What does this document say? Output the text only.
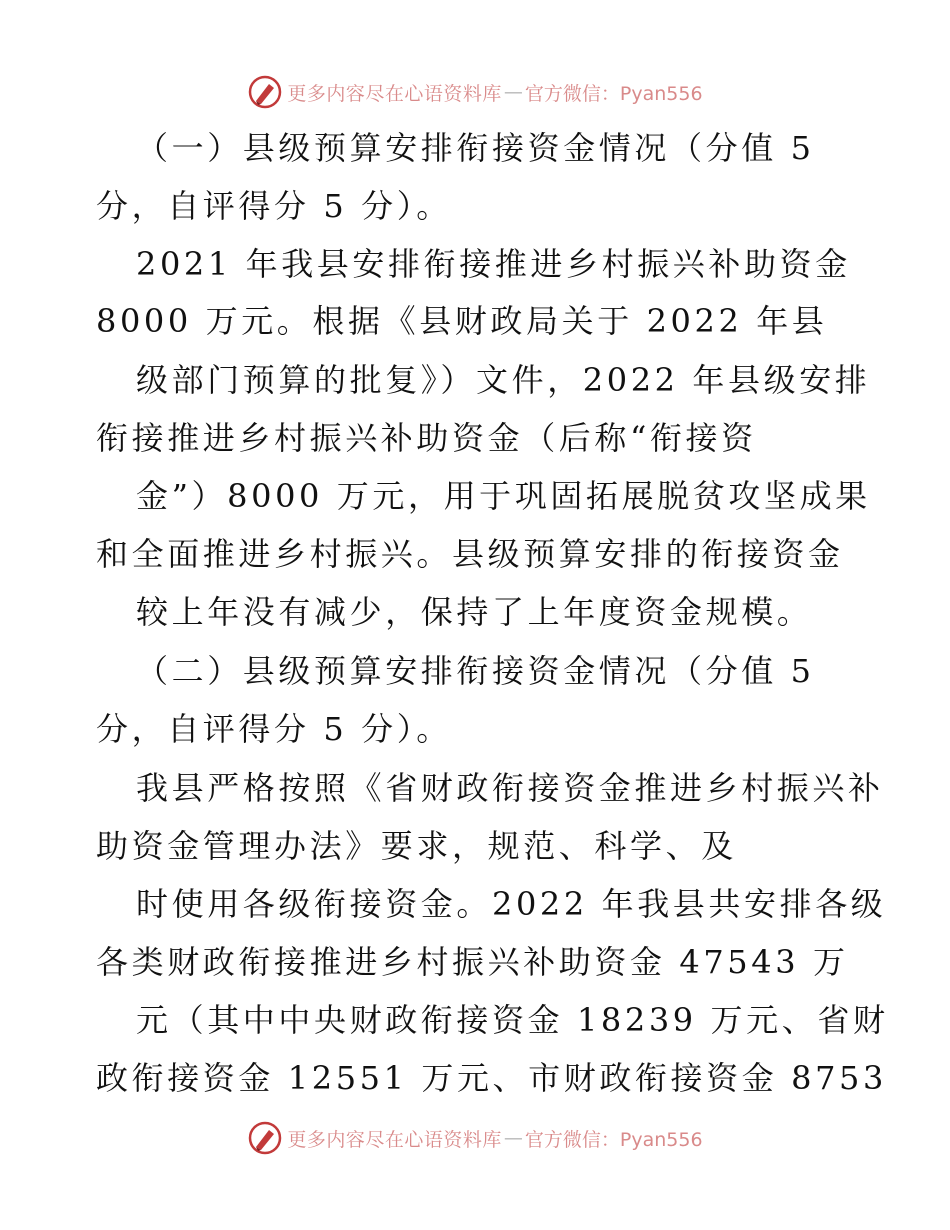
更多内容尽在心语资料库 — 官方微信：Pyan556
（一）县级预算安排衔接资金情况（分值 5
分，自评得分 5 分）。
2021 年我县安排衔接推进乡村振兴补助资金
8000 万元。根据《县财政局关于 2022 年县
级部门预算的批复》）文件，2022 年县级安排
衔接推进乡村振兴补助资金（后称“衔接资
金”）8000 万元，用于巩固拓展脱贫攻坚成果
和全面推进乡村振兴。县级预算安排的衔接资金
较上年没有减少，保持了上年度资金规模。
（二）县级预算安排衔接资金情况（分值 5
分，自评得分 5 分）。
我县严格按照《省财政衔接资金推进乡村振兴补
助资金管理办法》要求，规范、科学、及
时使用各级衔接资金。2022 年我县共安排各级
各类财政衔接推进乡村振兴补助资金 47543 万
元（其中中央财政衔接资金 18239 万元、省财
政衔接资金 12551 万元、市财政衔接资金 8753
更多内容尽在心语资料库 — 官方微信：Pyan556
